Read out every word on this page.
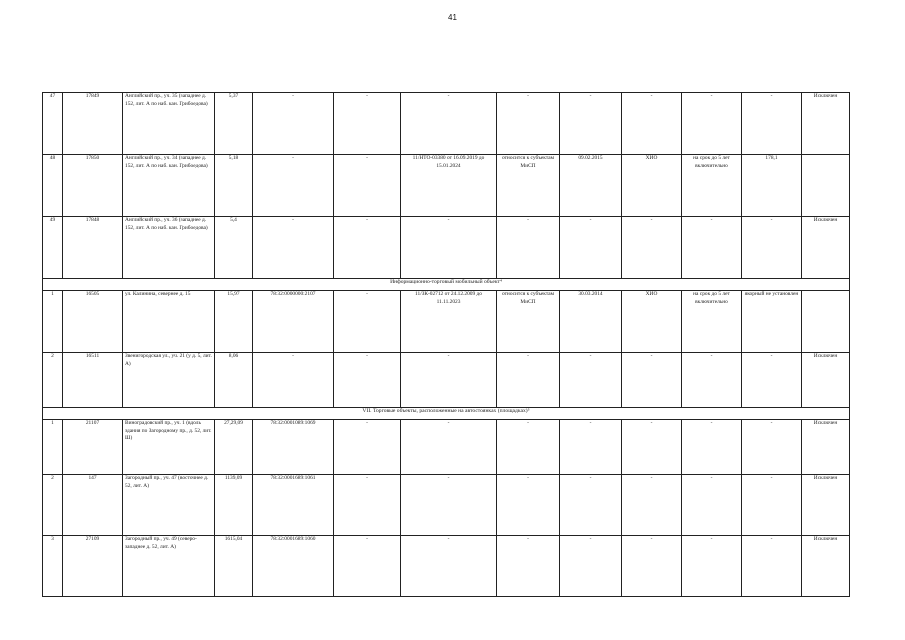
41
47	17849	Английский пр., уч. 35 (западнее д. 152, лит. А по наб. кан. Грибоедова)	5,37	-	-	-	-	-	-	-	-	Исключен
48	17850	Английский пр., уч. 34 (западнее д. 152, лит. А по наб. кан. Грибоедова)	5,18	-	-	11/НТО-03380 от 16.09.2019 до 15.01.2024	относится к субъектам МиСП	09.02.2015	ХИО	на срок до 5 лет включительно	178,1	
49	17848	Английский пр., уч. 36 (западнее д. 152, лит. А по наб. кан. Грибоедова)	5,4	-	-	-	-	-	-	-	-	Исключен
Информационно-торговый мобильный объект⁴												
1	16505	ул. Калинина, севернее д. 15	15,97	78:32:0000000:2107	-	11/ЗК-02712 от 24.12.2009 до 11.11.2023	относится к субъектам МиСП	30.03.2014	ХИО	на срок до 5 лет включительно	якорный не установлен	
2	16511	Звенигородская ул., уч. 21 (у д. 5, лит. А)	8,06	-	-	-	-	-	-	-	-	Исключен
VII. Торговые объекты, расположенные на автостоянках (площадках)⁵												
1	21107	Виноградовский пр., уч. 1 (вдоль здания по Загородному пр., д. 52, лит. Ш)	27,29,09	78:32:0001089:1069	-	-	-	-	-	-	-	Исключен
2	147	Загородный пр., уч. 47 (восточнее д. 52, лит. А)	1139,09	78:32:0001689:1061	-	-	-	-	-	-	-	Исключен
3	27109	Загородный пр., уч. 49 (северо-западнее д. 52, лит. А)	1615,04	78:32:0001689:1060	-	-	-	-	-	-	-	Исключен
